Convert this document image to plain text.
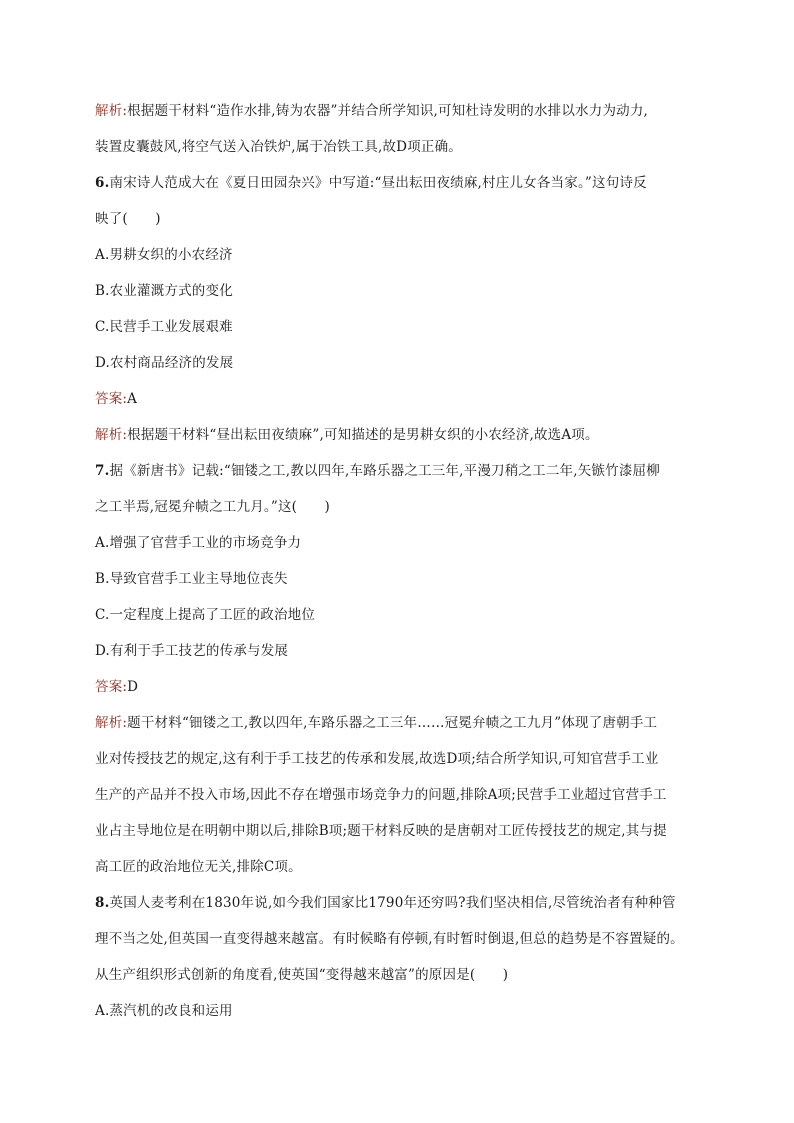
解析:根据题干材料“造作水排,铸为农器”并结合所学知识,可知杜诗发明的水排以水力为动力,
装置皮囊鼓风,将空气送入冶铁炉,属于冶铁工具,故D项正确。
6.南宋诗人范成大在《夏日田园杂兴》中写道:“昼出耘田夜绩麻,村庄儿女各当家。”这句诗反
映了(　　)
A.男耕女织的小农经济
B.农业灌溉方式的变化
C.民营手工业发展艰难
D.农村商品经济的发展
答案:A
解析:根据题干材料“昼出耘田夜绩麻”,可知描述的是男耕女织的小农经济,故选A项。
7.据《新唐书》记载:“钿镂之工,教以四年,车路乐器之工三年,平漫刀稍之工二年,矢镞竹漆屈柳
之工半焉,冠冕弁帻之工九月。”这(　　)
A.增强了官营手工业的市场竞争力
B.导致官营手工业主导地位丧失
C.一定程度上提高了工匠的政治地位
D.有利于手工技艺的传承与发展
答案:D
解析:题干材料“钿镂之工,教以四年,车路乐器之工三年……冠冕弁帻之工九月”体现了唐朝手工
业对传授技艺的规定,这有利于手工技艺的传承和发展,故选D项;结合所学知识,可知官营手工业
生产的产品并不投入市场,因此不存在增强市场竞争力的问题,排除A项;民营手工业超过官营手工
业占主导地位是在明朝中期以后,排除B项;题干材料反映的是唐朝对工匠传授技艺的规定,其与提
高工匠的政治地位无关,排除C项。
8.英国人麦考利在1830年说,如今我们国家比1790年还穷吗?我们坚决相信,尽管统治者有种种管
理不当之处,但英国一直变得越来越富。有时候略有停顿,有时暂时倒退,但总的趋势是不容置疑的。
从生产组织形式创新的角度看,使英国“变得越来越富”的原因是(　　)
A.蒸汽机的改良和运用
